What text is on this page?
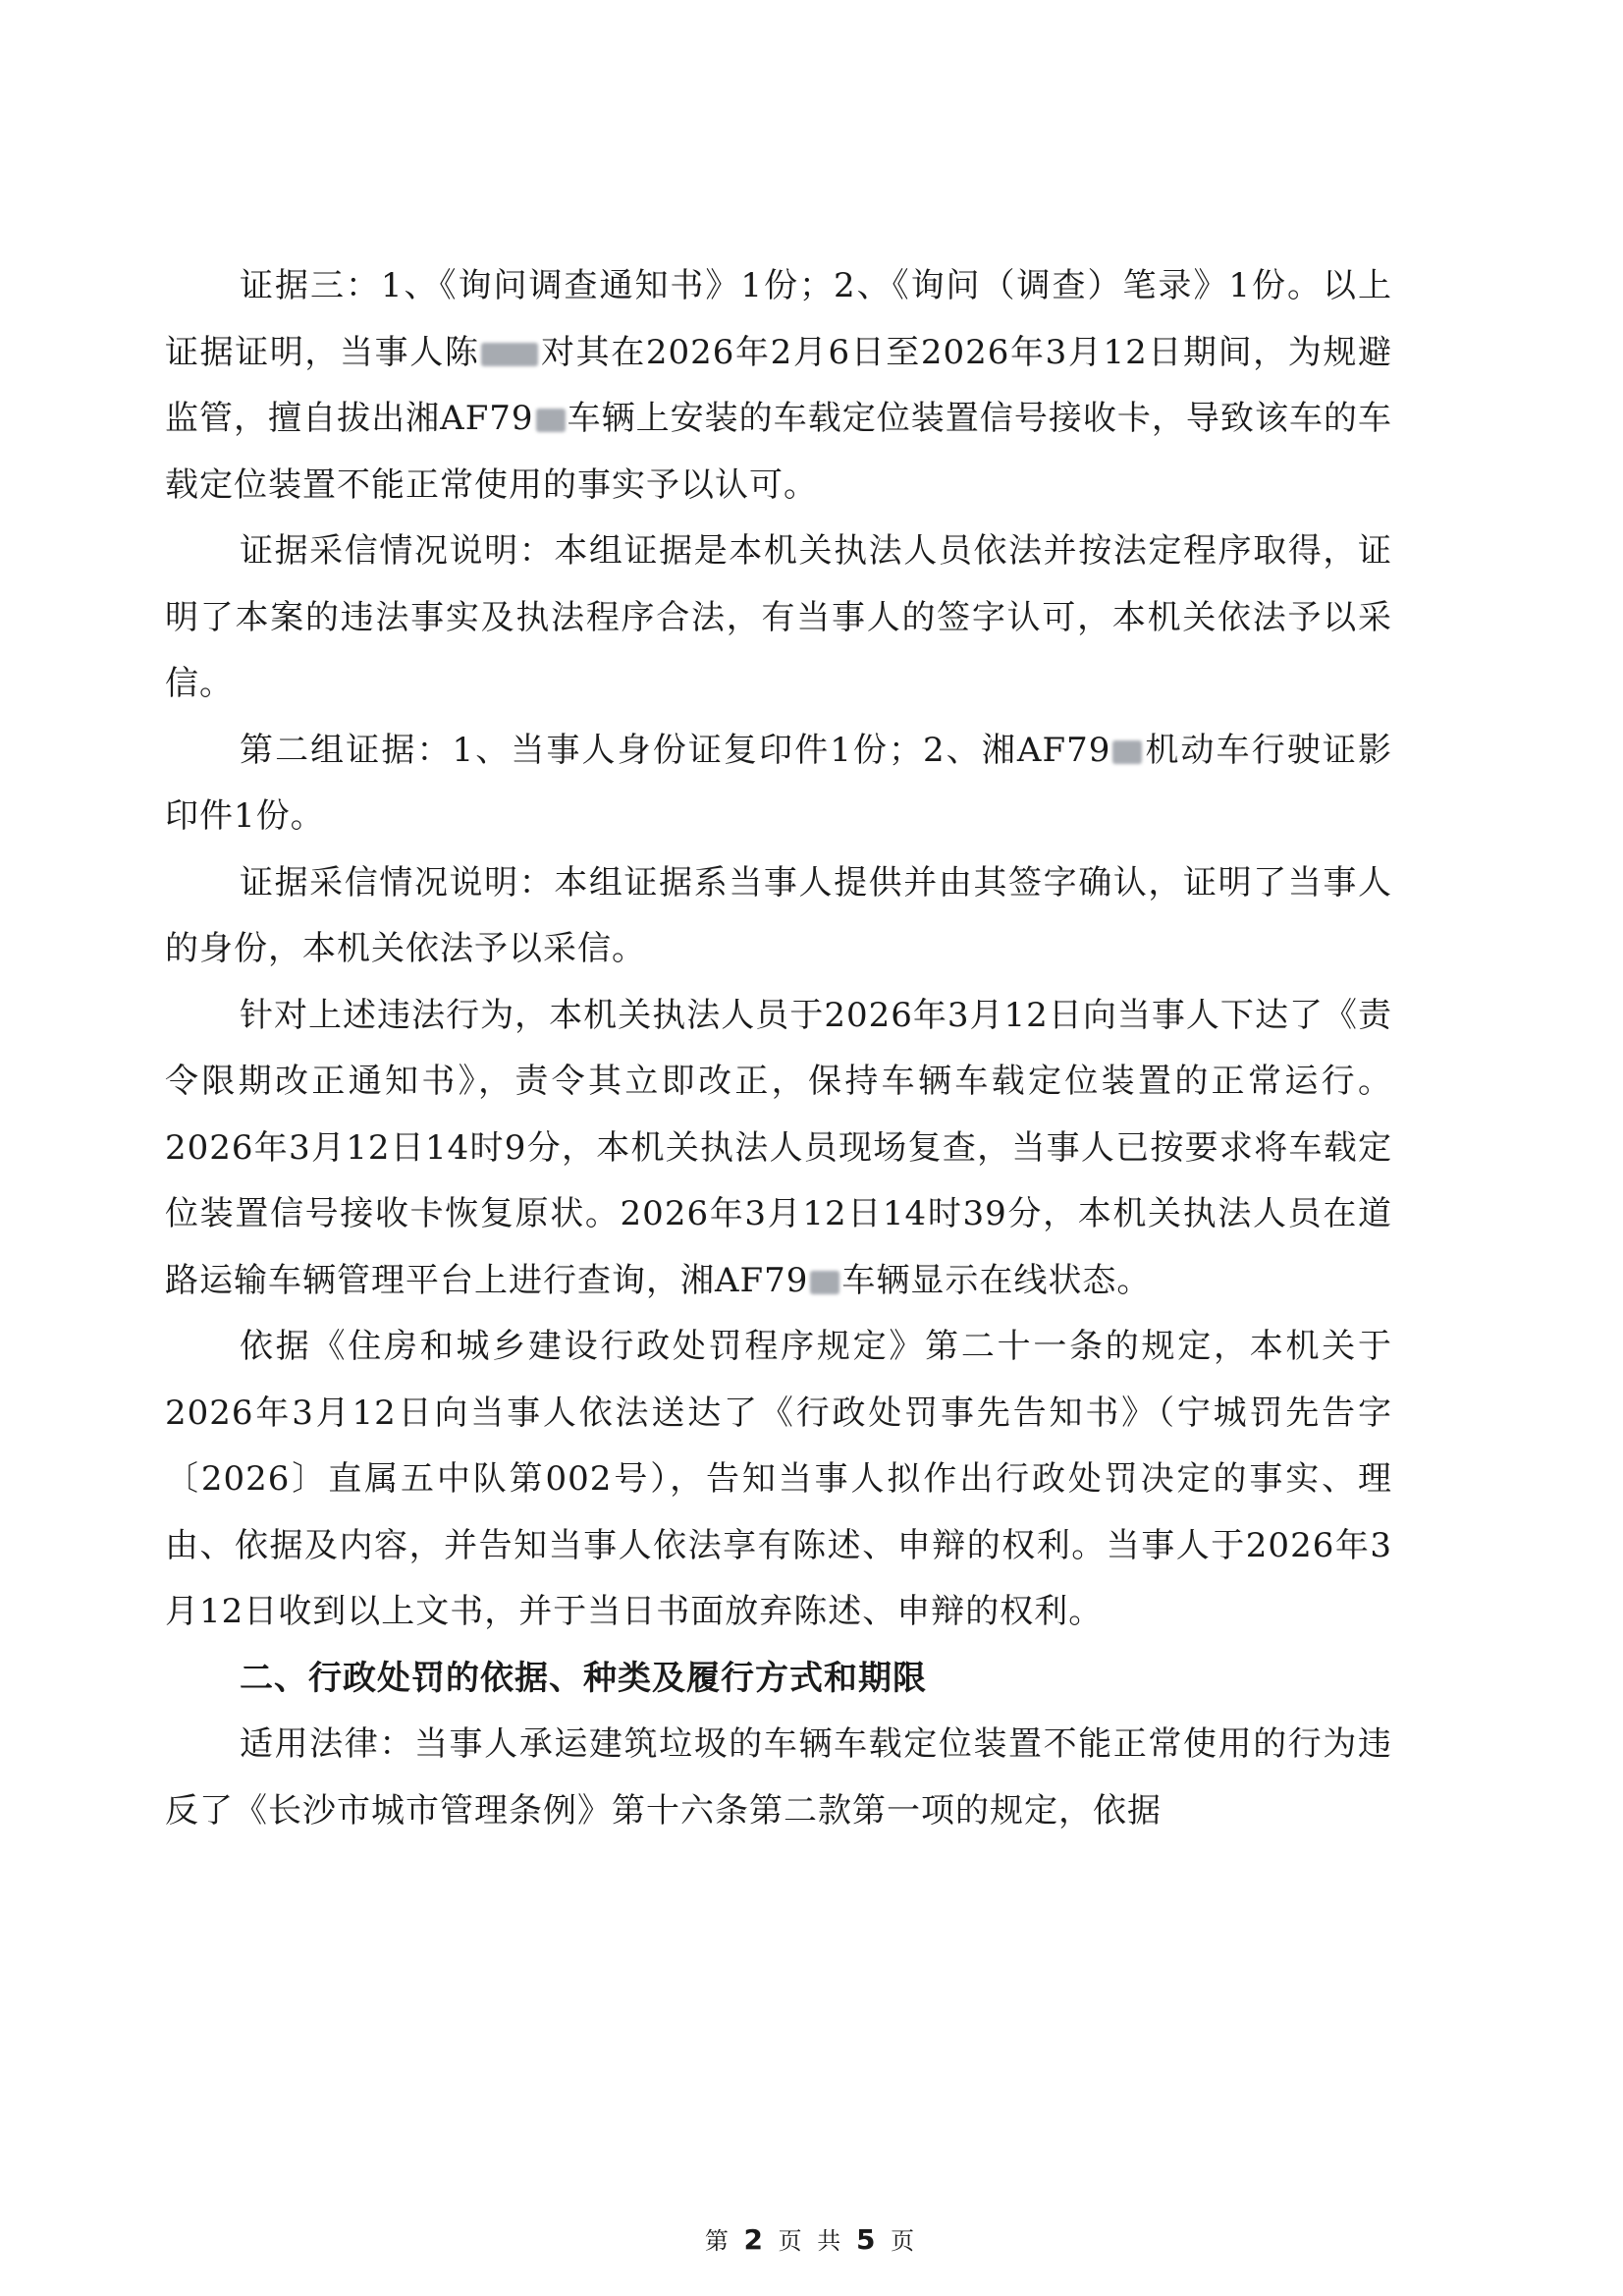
证据三：1、《询问调查通知书》1份；2、《询问（调查）笔录》1份。以上证据证明，当事人陈 对其在2026年2月6日至2026年3月12日期间，为规避监管，擅自拔出湘AF79 车辆上安装的车载定位装置信号接收卡，导致该车的车载定位装置不能正常使用的事实予以认可。

证据采信情况说明：本组证据是本机关执法人员依法并按法定程序取得，证明了本案的违法事实及执法程序合法，有当事人的签字认可，本机关依法予以采信。

第二组证据：1、当事人身份证复印件1份；2、湘AF79 机动车行驶证影印件1份。

证据采信情况说明：本组证据系当事人提供并由其签字确认，证明了当事人的身份，本机关依法予以采信。

针对上述违法行为，本机关执法人员于2026年3月12日向当事人下达了《责令限期改正通知书》，责令其立即改正，保持车辆车载定位装置的正常运行。2026年3月12日14时9分，本机关执法人员现场复查，当事人已按要求将车载定位装置信号接收卡恢复原状。2026年3月12日14时39分，本机关执法人员在道路运输车辆管理平台上进行查询，湘AF79 车辆显示在线状态。

依据《住房和城乡建设行政处罚程序规定》第二十一条的规定，本机关于2026年3月12日向当事人依法送达了《行政处罚事先告知书》（宁城罚先告字〔2026〕直属五中队第002号），告知当事人拟作出行政处罚决定的事实、理由、依据及内容，并告知当事人依法享有陈述、申辩的权利。当事人于2026年3月12日收到以上文书，并于当日书面放弃陈述、申辩的权利。

二、行政处罚的依据、种类及履行方式和期限

适用法律：当事人承运建筑垃圾的车辆车载定位装置不能正常使用的行为违反了《长沙市城市管理条例》第十六条第二款第一项的规定，依据

第 2 页 共 5 页
